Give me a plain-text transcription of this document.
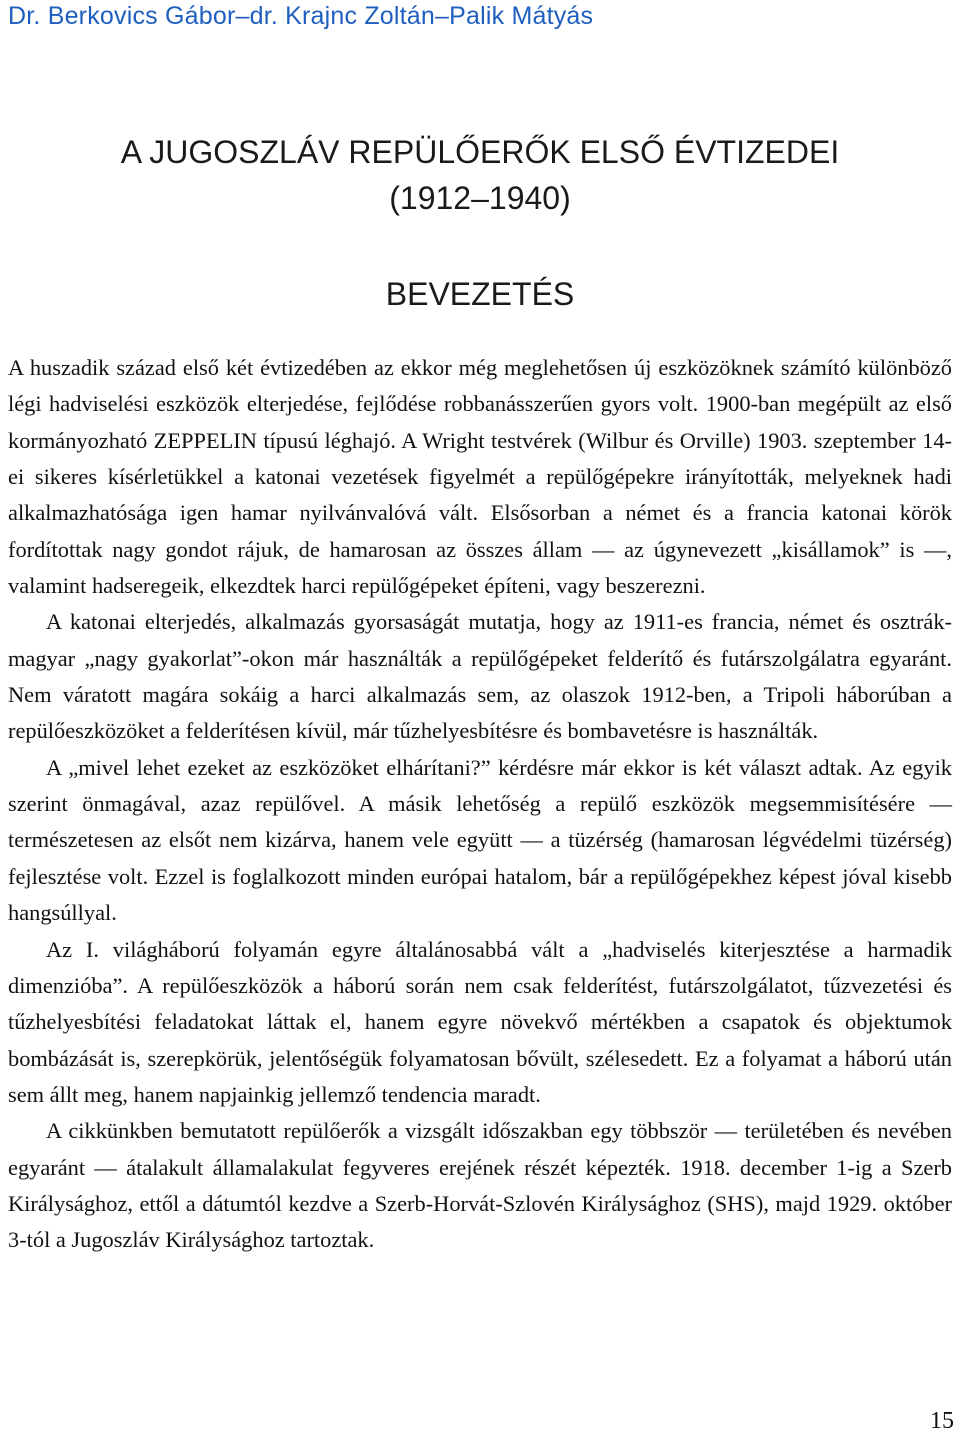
Dr. Berkovics Gábor–dr. Krajnc Zoltán–Palik Mátyás
A JUGOSZLÁV REPÜLŐERŐK ELSŐ ÉVTIZEDEI
(1912–1940)
BEVEZETÉS

A huszadik század első két évtizedében az ekkor még meglehetősen új eszközöknek számító különböző légi hadviselési eszközök elterjedése, fejlődése robbanásszerűen gyors volt. 1900-ban megépült az első kormányozható ZEPPELIN típusú léghajó. A Wright testvérek (Wilbur és Orville) 1903. szeptember 14-ei sikeres kísérletükkel a katonai vezetések figyelmét a repülőgépekre irányították, melyeknek hadi alkalmazhatósága igen hamar nyilvánvalóvá vált. Elsősorban a német és a francia katonai körök fordítottak nagy gondot rájuk, de hamarosan az összes állam — az úgynevezett „kisállamok” is —, valamint hadseregeik, elkezdtek harci repülőgépeket építeni, vagy beszerezni.

A katonai elterjedés, alkalmazás gyorsaságát mutatja, hogy az 1911-es francia, német és osztrák-magyar „nagy gyakorlat”-okon már használták a repülőgépeket felderítő és futárszolgálatra egyaránt. Nem váratott magára sokáig a harci alkalmazás sem, az olaszok 1912-ben, a Tripoli háborúban a repülőeszközöket a felderítésen kívül, már tűzhelyesbítésre és bombavetésre is használták.

A „mivel lehet ezeket az eszközöket elhárítani?” kérdésre már ekkor is két választ adtak. Az egyik szerint önmagával, azaz repülővel. A másik lehetőség a repülő eszközök megsemmisítésére — természetesen az elsőt nem kizárva, hanem vele együtt — a tüzérség (hamarosan légvédelmi tüzérség) fejlesztése volt. Ezzel is foglalkozott minden európai hatalom, bár a repülőgépekhez képest jóval kisebb hangsúllyal.

Az I. világháború folyamán egyre általánosabbá vált a „hadviselés kiterjesztése a harmadik dimenzióba”. A repülőeszközök a háború során nem csak felderítést, futárszolgálatot, tűzvezetési és tűzhelyesbítési feladatokat láttak el, hanem egyre növekvő mértékben a csapatok és objektumok bombázását is, szerepkörük, jelentőségük folyamatosan bővült, szélesedett. Ez a folyamat a háború után sem állt meg, hanem napjainkig jellemző tendencia maradt.

A cikkünkben bemutatott repülőerők a vizsgált időszakban egy többször — területében és nevében egyaránt — átalakult államalakulat fegyveres erejének részét képezték. 1918. december 1-ig a Szerb Királysághoz, ettől a dátumtól kezdve a Szerb-Horvát-Szlovén Királysághoz (SHS), majd 1929. október 3-tól a Jugoszláv Királysághoz tartoztak.

15
